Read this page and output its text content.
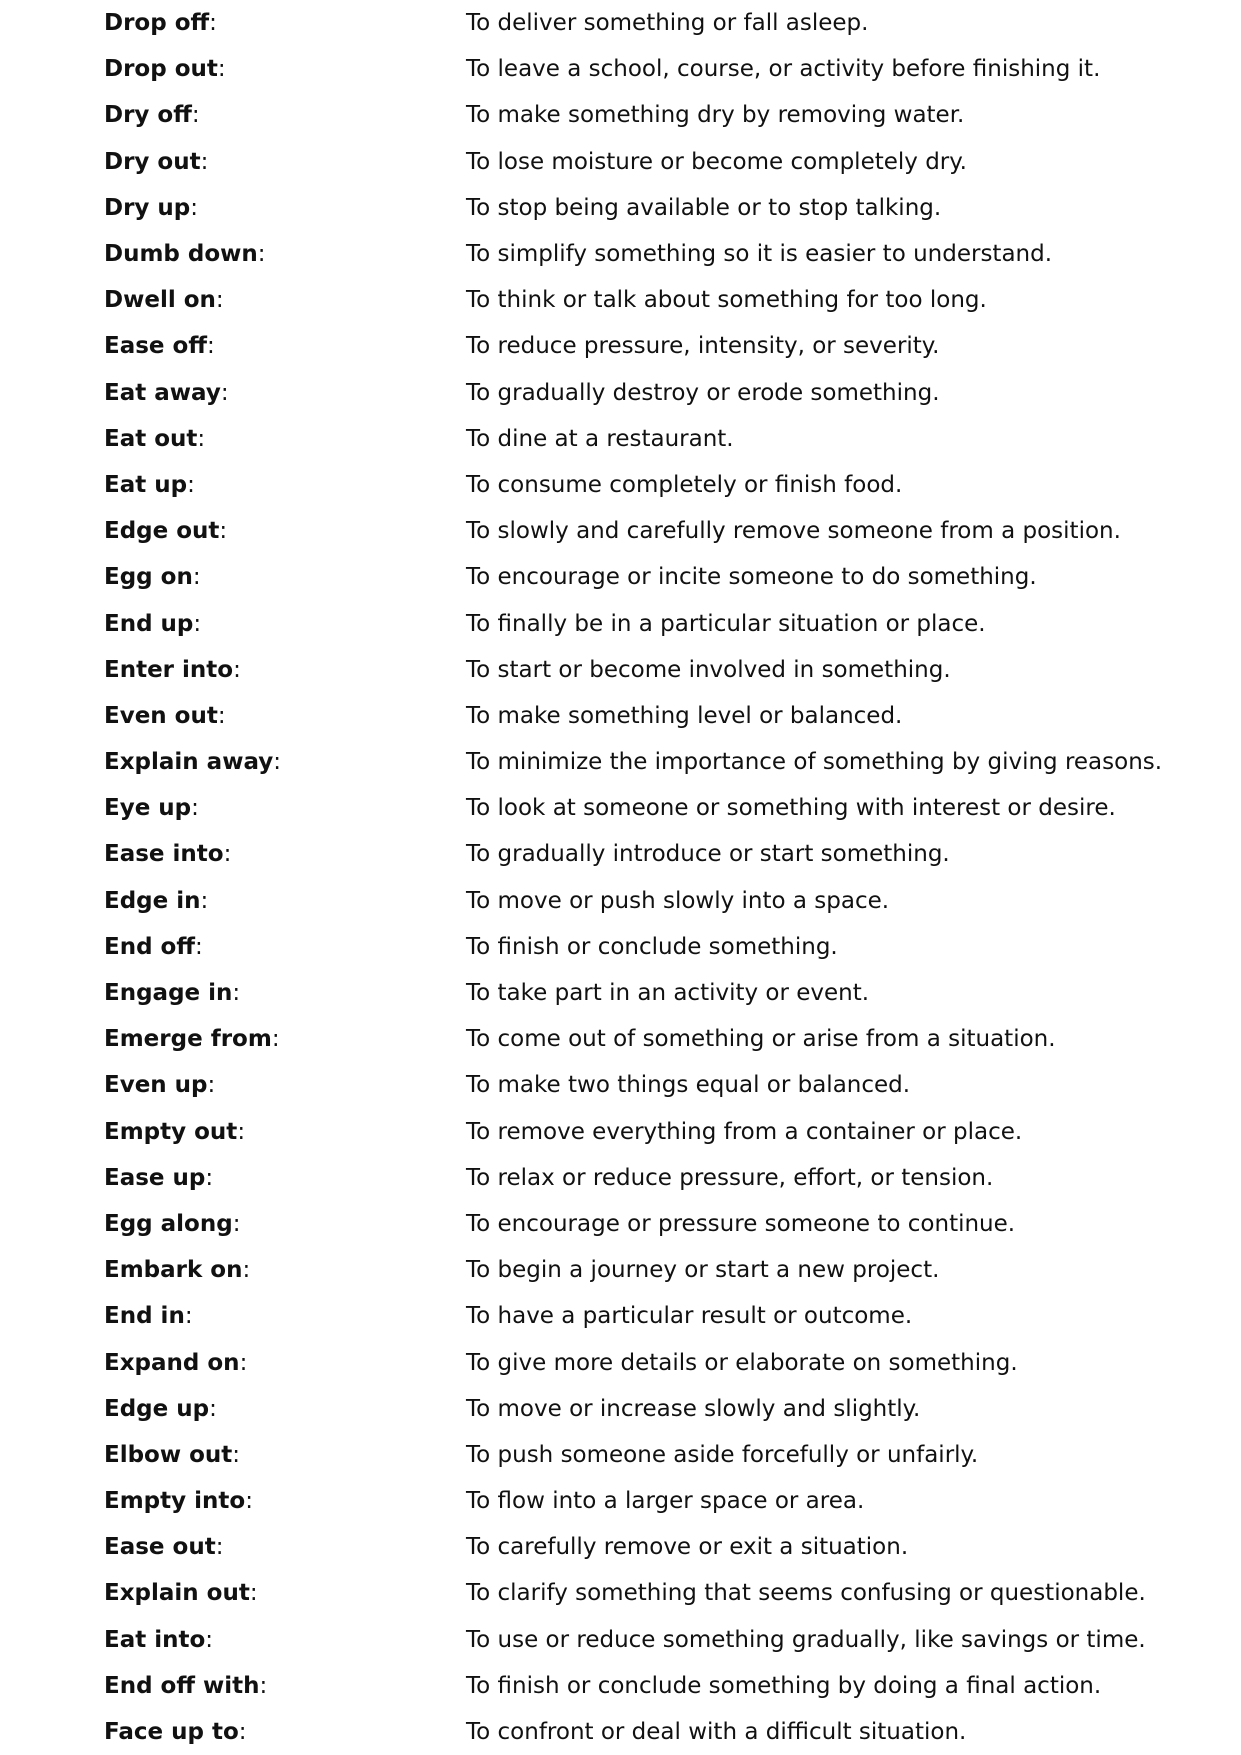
Drop off:	To deliver something or fall asleep.
Drop out:	To leave a school, course, or activity before finishing it.
Dry off:	To make something dry by removing water.
Dry out:	To lose moisture or become completely dry.
Dry up:	To stop being available or to stop talking.
Dumb down:	To simplify something so it is easier to understand.
Dwell on:	To think or talk about something for too long.
Ease off:	To reduce pressure, intensity, or severity.
Eat away:	To gradually destroy or erode something.
Eat out:	To dine at a restaurant.
Eat up:	To consume completely or finish food.
Edge out:	To slowly and carefully remove someone from a position.
Egg on:	To encourage or incite someone to do something.
End up:	To finally be in a particular situation or place.
Enter into:	To start or become involved in something.
Even out:	To make something level or balanced.
Explain away:	To minimize the importance of something by giving reasons.
Eye up:	To look at someone or something with interest or desire.
Ease into:	To gradually introduce or start something.
Edge in:	To move or push slowly into a space.
End off:	To finish or conclude something.
Engage in:	To take part in an activity or event.
Emerge from:	To come out of something or arise from a situation.
Even up:	To make two things equal or balanced.
Empty out:	To remove everything from a container or place.
Ease up:	To relax or reduce pressure, effort, or tension.
Egg along:	To encourage or pressure someone to continue.
Embark on:	To begin a journey or start a new project.
End in:	To have a particular result or outcome.
Expand on:	To give more details or elaborate on something.
Edge up:	To move or increase slowly and slightly.
Elbow out:	To push someone aside forcefully or unfairly.
Empty into:	To flow into a larger space or area.
Ease out:	To carefully remove or exit a situation.
Explain out:	To clarify something that seems confusing or questionable.
Eat into:	To use or reduce something gradually, like savings or time.
End off with:	To finish or conclude something by doing a final action.
Face up to:	To confront or deal with a difficult situation.
